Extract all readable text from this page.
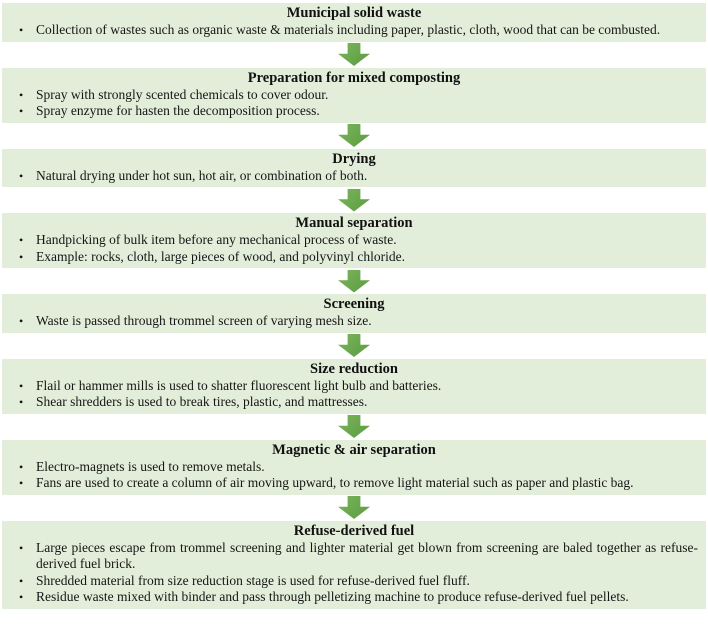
Municipal solid waste
• Collection of wastes such as organic waste & materials including paper, plastic, cloth, wood that can be combusted.
Preparation for mixed composting
• Spray with strongly scented chemicals to cover odour.
• Spray enzyme for hasten the decomposition process.
Drying
• Natural drying under hot sun, hot air, or combination of both.
Manual separation
• Handpicking of bulk item before any mechanical process of waste.
• Example: rocks, cloth, large pieces of wood, and polyvinyl chloride.
Screening
• Waste is passed through trommel screen of varying mesh size.
Size reduction
• Flail or hammer mills is used to shatter fluorescent light bulb and batteries.
• Shear shredders is used to break tires, plastic, and mattresses.
Magnetic & air separation
• Electro-magnets is used to remove metals.
• Fans are used to create a column of air moving upward, to remove light material such as paper and plastic bag.
Refuse-derived fuel
• Large pieces escape from trommel screening and lighter material get blown from screening are baled together as refuse-derived fuel brick.
• Shredded material from size reduction stage is used for refuse-derived fuel fluff.
• Residue waste mixed with binder and pass through pelletizing machine to produce refuse-derived fuel pellets.
